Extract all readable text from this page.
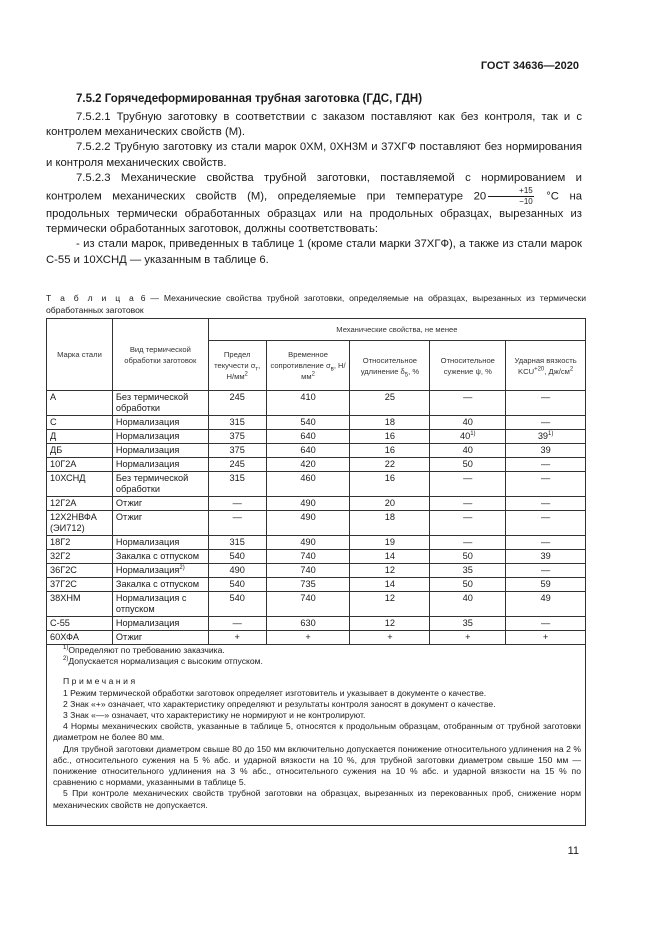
ГОСТ 34636—2020
7.5.2 Горячедеформированная трубная заготовка (ГДС, ГДН)

7.5.2.1 Трубную заготовку в соответствии с заказом поставляют как без контроля, так и с контролем механических свойств (М).

7.5.2.2 Трубную заготовку из стали марок 0ХМ, 0ХН3М и 37ХГФ поставляют без нормирования и контроля механических свойств.

7.5.2.3 Механические свойства трубной заготовки, поставляемой с нормированием и контролем механических свойств (М), определяемые при температуре $20 \frac{+15}{-10} ^\circ С$ на продольных термически обработанных образцах или на продольных образцах, вырезанных из термически обработанных заготовок, должны соответствовать:

- из стали марок, приведенных в таблице 1 (кроме стали марки 37ХГФ), а также из стали марок С-55 и 10ХСНД — указанным в таблице 6.

Т а б л и ц а 6 — Механические свойства трубной заготовки, определяемые на образцах, вырезанных из термически обработанных заготовок
Марка стали	Вид термической обработки заготовок	Механические свойства, не менее				
		Предел текучести $\sigma_т$, $Н/мм^2$	Временное сопротивление $\sigma_в$, $Н/мм^2$	Относительное удлинение $\delta_5$, %	Относительное сужение ψ, %	Ударная вязкость $KCU^{+20}$, $Дж/см^2$
А	Без термической обработки	245	410	25	—	—
С	Нормализация	315	540	18	40	—
Д	Нормализация	375	640	16	40$^{1)}$	39$^{1)}$
ДБ	Нормализация	375	640	16	40	39
10Г2А	Нормализация	245	420	22	50	—
10ХСНД	Без термической обработки	315	460	16	—	—
12Г2А	Отжиг	—	490	20	—	—
12Х2НВФА (ЭИ712)	Отжиг	—	490	18	—	—
18Г2	Нормализация	315	490	19	—	—
32Г2	Закалка с отпуском	540	740	14	50	39
36Г2С	Нормализация$^{2)}$	490	740	12	35	—
37Г2С	Закалка с отпуском	540	735	14	50	59
38ХНМ	Нормализация с отпуском	540	740	12	40	49
С-55	Нормализация	—	630	12	35	—
60ХФА	Отжиг	+	+	+	+	+
$^{1)}$Определяют по требованию заказчика.
$^{2)}$Допускается нормализация с высоким отпуском.
Примечания
1 Режим термической обработки заготовок определяет изготовитель и указывает в документе о качестве.
2 Знак «+» означает, что характеристику определяют и результаты контроля заносят в документ о качестве.
3 Знак «—» означает, что характеристику не нормируют и не контролируют.
4 Нормы механических свойств, указанные в таблице 5, относятся к продольным образцам, отобранным от трубной заготовки диаметром не более 80 мм.
Для трубной заготовки диаметром свыше 80 до 150 мм включительно допускается понижение относительного удлинения на 2 % абс., относительного сужения на 5 % абс. и ударной вязкости на 10 %, для трубной заготовки диаметром свыше 150 мм — понижение относительного удлинения на 3 % абс., относительного сужения на 10 % абс. и ударной вязкости на 15 % по сравнению с нормами, указанными в таблице 5.
5 При контроле механических свойств трубной заготовки на образцах, вырезанных из перекованных проб, снижение норм механических свойств не допускается.
11
